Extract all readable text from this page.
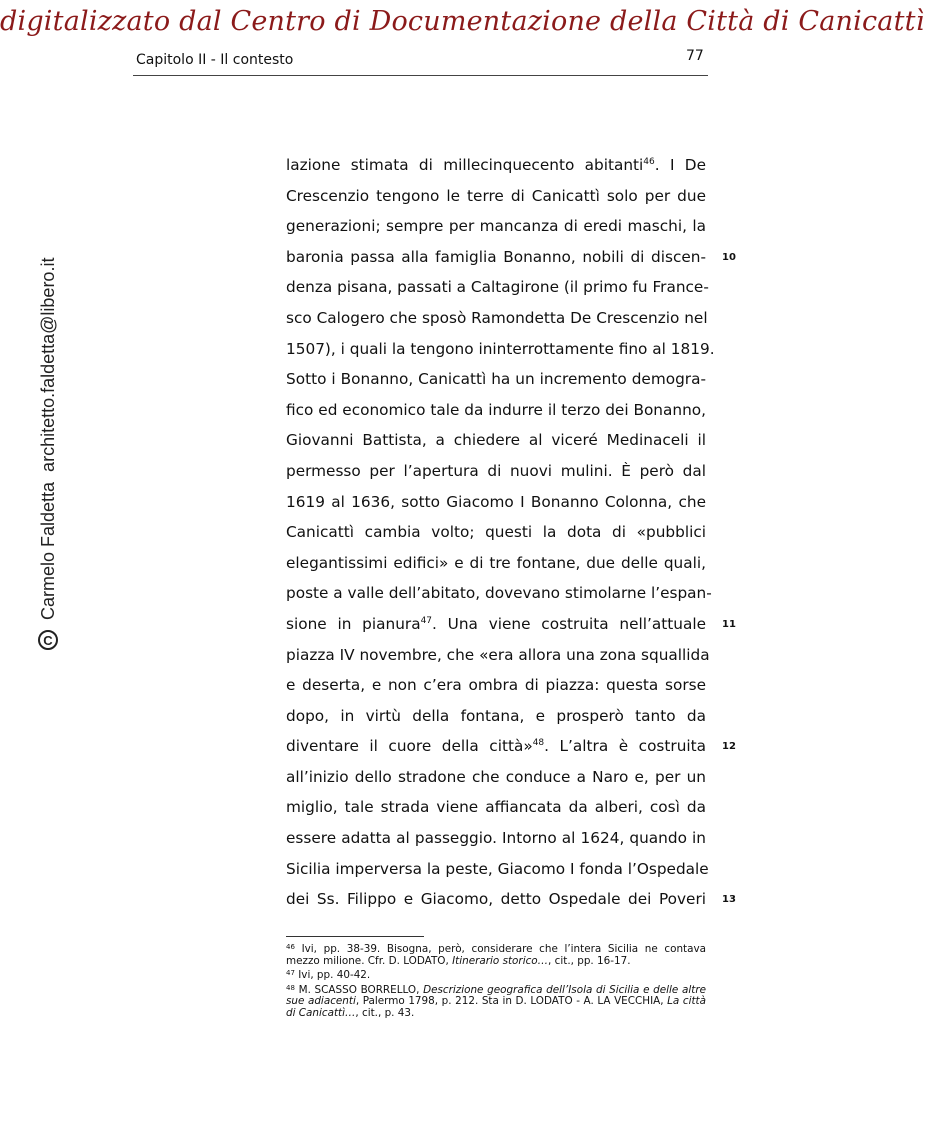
digitalizzato dal Centro di Documentazione della Città di Canicattì
Capitolo II - Il contesto	77
C
Carmelo Faldetta
architetto.faldetta@libero.it
lazione stimata di millecinquecento abitanti$^{46}$. I De
Crescenzio tengono le terre di Canicattì solo per due
generazioni; sempre per mancanza di eredi maschi, la
baronia passa alla famiglia Bonanno, nobili di discen-
denza pisana, passati a Caltagirone (il primo fu France-
sco Calogero che sposò Ramondetta De Crescenzio nel
1507), i quali la tengono ininterrottamente fino al 1819.
Sotto i Bonanno, Canicattì ha un incremento demogra-
fico ed economico tale da indurre il terzo dei Bonanno,
Giovanni Battista, a chiedere al viceré Medinaceli il
permesso per l’apertura di nuovi mulini. È però dal
1619 al 1636, sotto Giacomo I Bonanno Colonna, che
Canicattì cambia volto; questi la dota di «pubblici
elegantissimi edifici» e di tre fontane, due delle quali,
poste a valle dell’abitato, dovevano stimolarne l’espan-
sione in pianura$^{47}$. Una viene costruita nell’attuale
piazza IV novembre, che «era allora una zona squallida
e deserta, e non c’era ombra di piazza: questa sorse
dopo, in virtù della fontana, e prosperò tanto da
diventare il cuore della città»$^{48}$. L’altra è costruita
all’inizio dello stradone che conduce a Naro e, per un
miglio, tale strada viene affiancata da alberi, così da
essere adatta al passeggio. Intorno al 1624, quando in
Sicilia imperversa la peste, Giacomo I fonda l’Ospedale
dei Ss. Filippo e Giacomo, detto Ospedale dei Poveri
10
11
12
13
$^{46}$ Ivi, pp. 38-39. Bisogna, però, considerare che l’intera Sicilia ne contava mezzo milione. Cfr. D. LODATO, Itinerario storico…, cit., pp. 16-17.
$^{47}$ Ivi, pp. 40-42.
$^{48}$ M. SCASSO BORRELLO, Descrizione geografica dell’Isola di Sicilia e delle altre sue adiacenti, Palermo 1798, p. 212. Sta in D. LODATO - A. LA VECCHIA, La città di Canicattì…, cit., p. 43.
